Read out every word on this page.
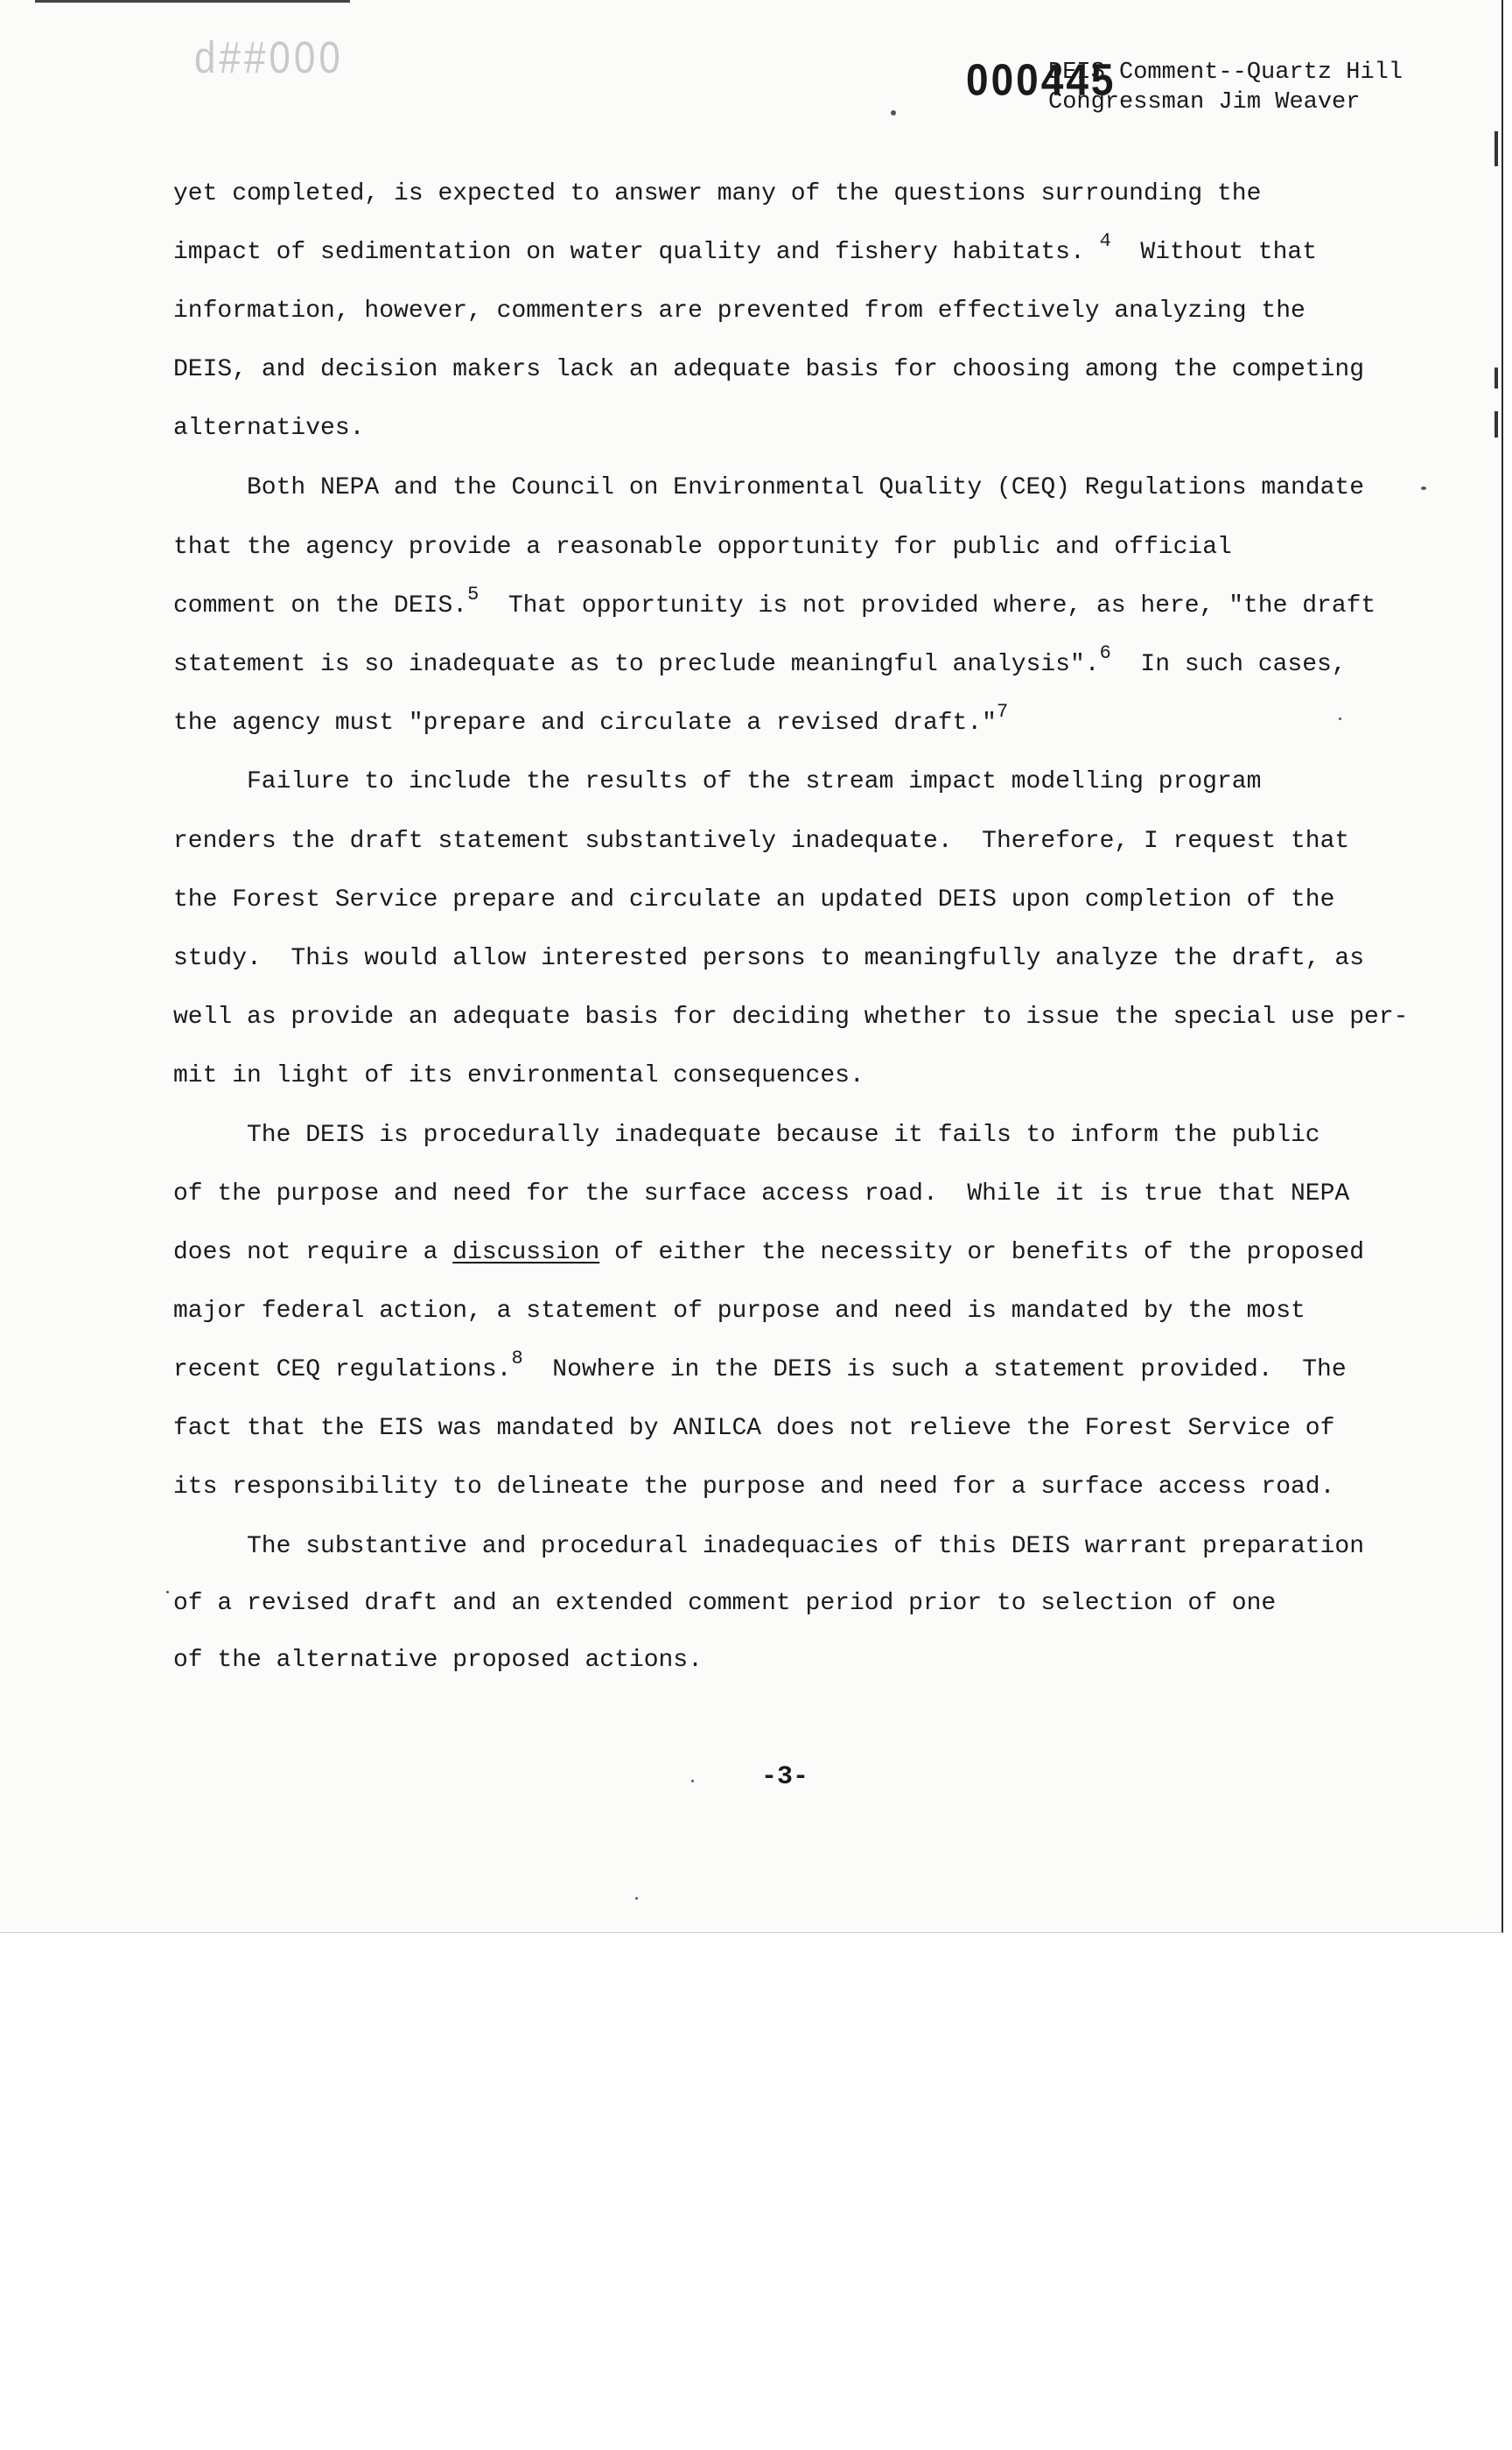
d##000	000445
DEIS Comment--Quartz Hill
Congressman Jim Weaver
yet completed, is expected to answer many of the questions surrounding the
impact of sedimentation on water quality and fishery habitats. $^4$  Without that
information, however, commenters are prevented from effectively analyzing the
DEIS, and decision makers lack an adequate basis for choosing among the competing
alternatives.
Both NEPA and the Council on Environmental Quality (CEQ) Regulations mandate
that the agency provide a reasonable opportunity for public and official
comment on the DEIS.$^5$  That opportunity is not provided where, as here, "the draft
statement is so inadequate as to preclude meaningful analysis".$^6$  In such cases,
the agency must "prepare and circulate a revised draft."$^7$
Failure to include the results of the stream impact modelling program
renders the draft statement substantively inadequate.  Therefore, I request that
the Forest Service prepare and circulate an updated DEIS upon completion of the
study.  This would allow interested persons to meaningfully analyze the draft, as
well as provide an adequate basis for deciding whether to issue the special use per-
mit in light of its environmental consequences.
The DEIS is procedurally inadequate because it fails to inform the public
of the purpose and need for the surface access road.  While it is true that NEPA
does not require a discussion of either the necessity or benefits of the proposed
major federal action, a statement of purpose and need is mandated by the most
recent CEQ regulations.$^8$  Nowhere in the DEIS is such a statement provided.  The
fact that the EIS was mandated by ANILCA does not relieve the Forest Service of
its responsibility to delineate the purpose and need for a surface access road.
The substantive and procedural inadequacies of this DEIS warrant preparation
of a revised draft and an extended comment period prior to selection of one
of the alternative proposed actions.
-3-
